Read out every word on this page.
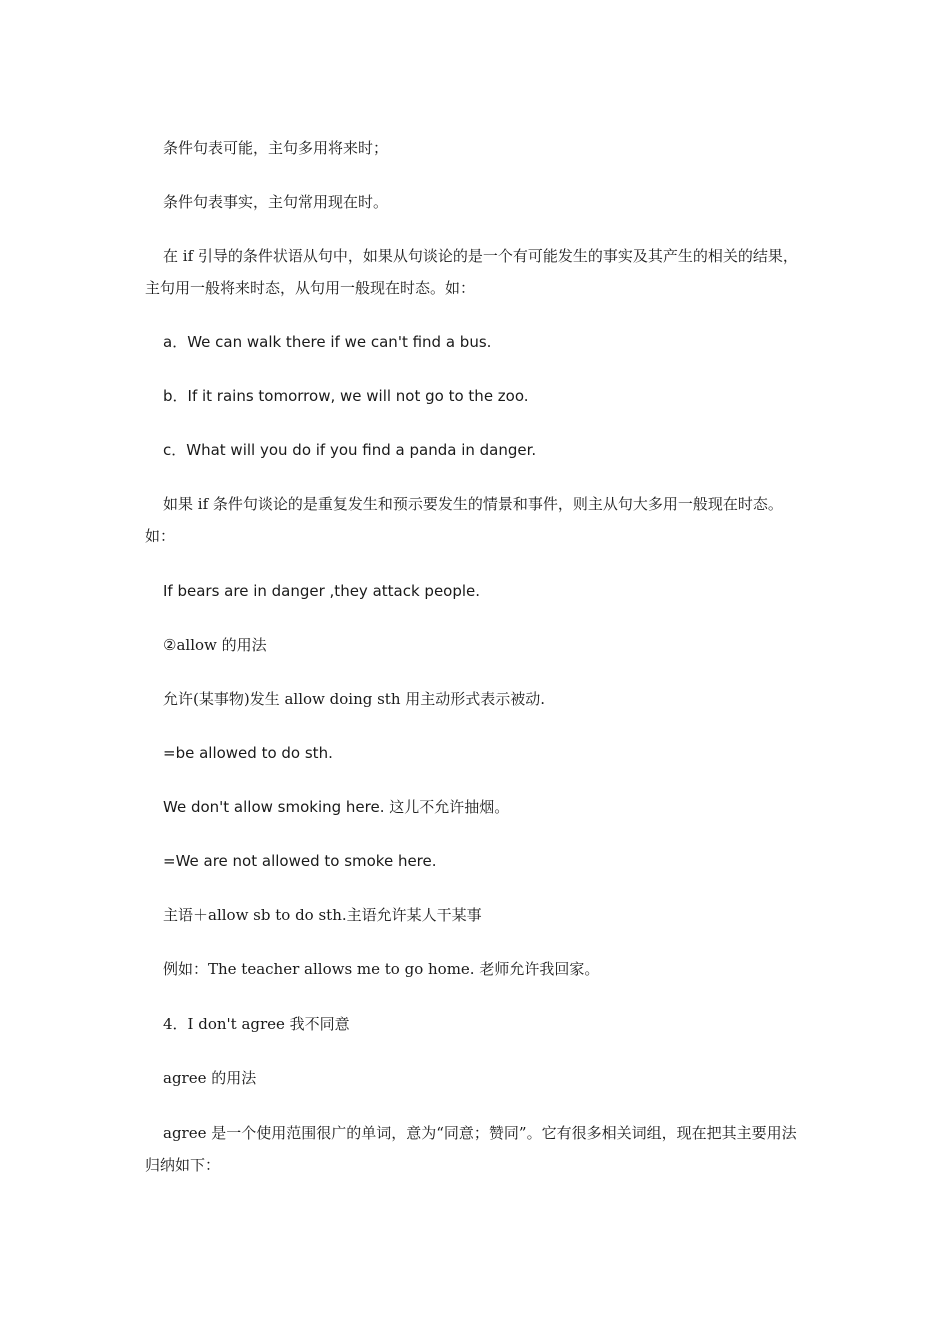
条件句表可能，主句多用将来时；

条件句表事实，主句常用现在时。

在 if 引导的条件状语从句中，如果从句谈论的是一个有可能发生的事实及其产生的相关的结果，主句用一般将来时态，从句用一般现在时态。如：

a．We can walk there if we can't find a bus.

b．If it rains tomorrow, we will not go to the zoo.

c．What will you do if you find a panda in danger.

如果 if 条件句谈论的是重复发生和预示要发生的情景和事件，则主从句大多用一般现在时态。如：

If bears are in danger ,they attack people.

②allow 的用法

允许(某事物)发生 allow doing sth 用主动形式表示被动.

=be allowed to do sth.

We don't allow smoking here. 这儿不允许抽烟。

=We are not allowed to smoke here.

主语＋allow sb to do sth.主语允许某人干某事

例如：The teacher allows me to go home. 老师允许我回家。

4．I don't agree 我不同意

agree 的用法

agree 是一个使用范围很广的单词，意为“同意；赞同”。它有很多相关词组，现在把其主要用法归纳如下：
